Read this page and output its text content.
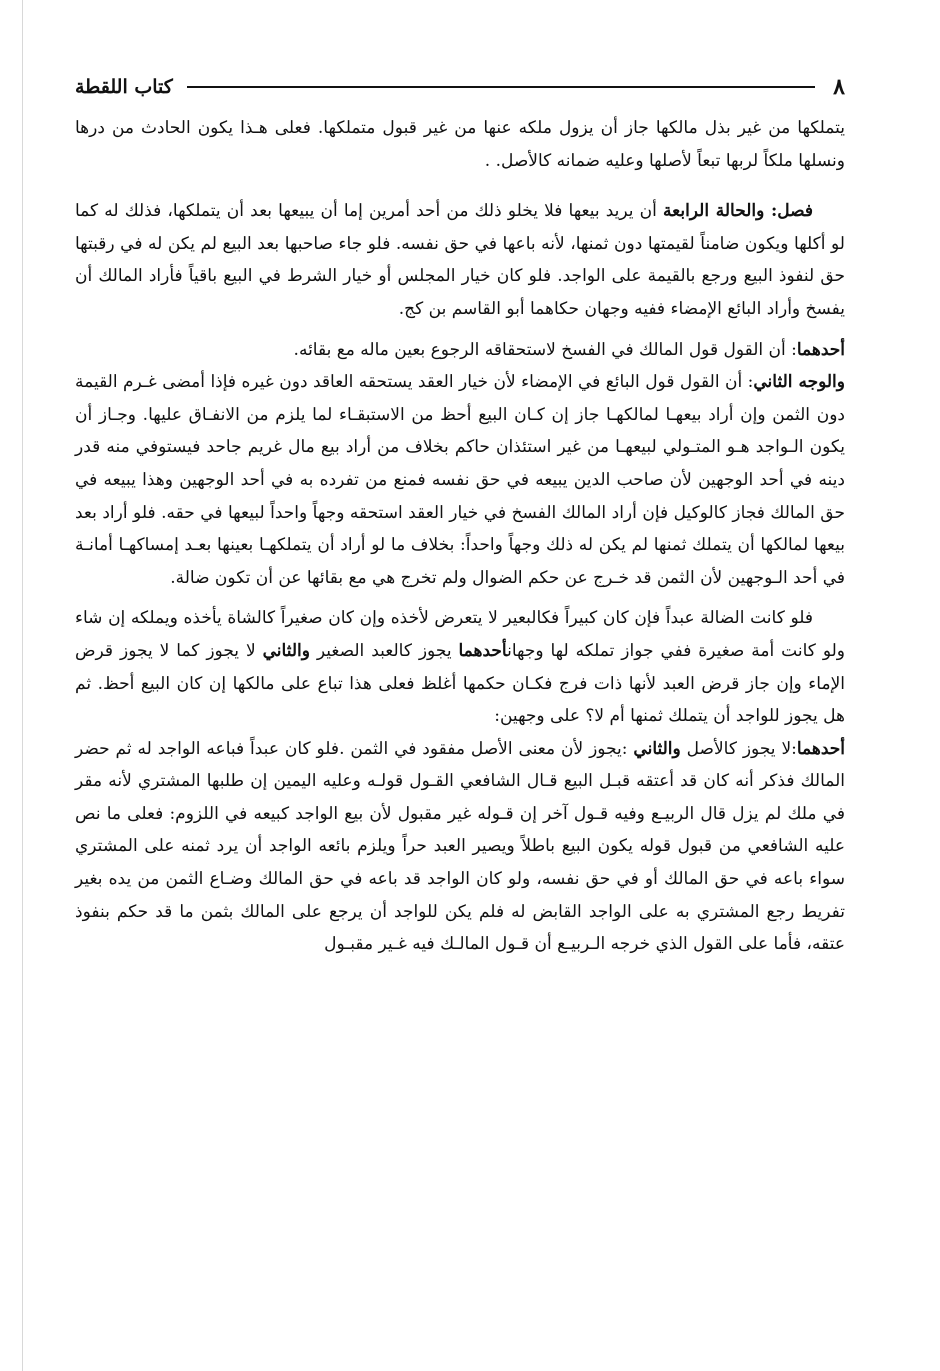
٨
كتاب اللقطة

يتملكها من غير بذل مالكها جاز أن يزول ملكه عنها من غير قبول متملكها. فعلى هـذا يكون الحادث من درها ونسلها ملكاً لربها تبعاً لأصلها وعليه ضمانه كالأصل. .

فصل: والحالة الرابعة أن يريد بيعها فلا يخلو ذلك من أحد أمرين إما أن يبيعها بعد أن يتملكها، فذلك له كما لو أكلها ويكون ضامناً لقيمتها دون ثمنها، لأنه باعها في حق نفسه. فلو جاء صاحبها بعد البيع لم يكن له في رقبتها حق لنفوذ البيع ورجع بالقيمة على الواجد. فلو كان خيار المجلس أو خيار الشرط في البيع باقياً فأراد المالك أن يفسخ وأراد البائع الإمضاء ففيه وجهان حكاهما أبو القاسم بن كج.

أحدهما: أن القول قول المالك في الفسخ لاستحقاقه الرجوع بعين ماله مع بقائه.

والوجه الثاني: أن القول قول البائع في الإمضاء لأن خيار العقد يستحقه العاقد دون غيره فإذا أمضى غـرم القيمة دون الثمن وإن أراد بيعهـا لمالكهـا جاز إن كـان البيع أحظ من الاستبقـاء لما يلزم من الانفـاق عليها. وجـاز أن يكون الـواجد هـو المتـولي لبيعهـا من غير استئذان حاكم بخلاف من أراد بيع مال غريم جاحد فيستوفي منه قدر دينه في أحد الوجهين لأن صاحب الدين يبيعه في حق نفسه فمنع من تفرده به في أحد الوجهين وهذا يبيعه في حق المالك فجاز كالوكيل فإن أراد المالك الفسخ في خيار العقد استحقه وجهاً واحداً لبيعها في حقه. فلو أراد بعد بيعها لمالكها أن يتملك ثمنها لم يكن له ذلك وجهاً واحداً: بخلاف ما لو أراد أن يتملكهـا بعينها بعـد إمساكهـا أمانـة في أحد الـوجهين لأن الثمن قد خـرج عن حكم الضوال ولم تخرج هي مع بقائها عن أن تكون ضالة.

فلو كانت الضالة عبداً فإن كان كبيراً فكالبعير لا يتعرض لأخذه وإن كان صغيراً كالشاة يأخذه ويملكه إن شاء ولو كانت أمة صغيرة ففي جواز تملكه لها وجهانأحدهما يجوز كالعبد الصغير والثاني لا يجوز كما لا يجوز قرض الإماء وإن جاز قرض العبد لأنها ذات فرج فكـان حكمها أغلظ فعلى هذا تباع على مالكها إن كان البيع أحظ. ثم هل يجوز للواجد أن يتملك ثمنها أم لا؟ على وجهين:

أحدهما:لا يجوز كالأصل والثاني :يجوز لأن معنى الأصل مفقود في الثمن .فلو كان عبداً فباعه الواجد له ثم حضر المالك فذكر أنه كان قد أعتقه قبـل البيع قـال الشافعي القـول قولـه وعليه اليمين إن طلبها المشتري لأنه مقر في ملك لم يزل قال الربيـع وفيه قـول آخر إن قـوله غير مقبول لأن بيع الواجد كبيعه في اللزوم: فعلى ما نص عليه الشافعي من قبول قوله يكون البيع باطلاً ويصير العبد حراً ويلزم بائعه الواجد أن يرد ثمنه على المشتري سواء باعه في حق المالك أو في حق نفسه، ولو كان الواجد قد باعه في حق المالك وضـاع الثمن من يده بغير تفريط رجع المشتري به على الواجد القابض له فلم يكن للواجد أن يرجع على المالك بثمن ما قد حكم بنفوذ عتقه، فأما على القول الذي خرجه الـربيـع أن قـول المالـك فيه غـير مقبـول
